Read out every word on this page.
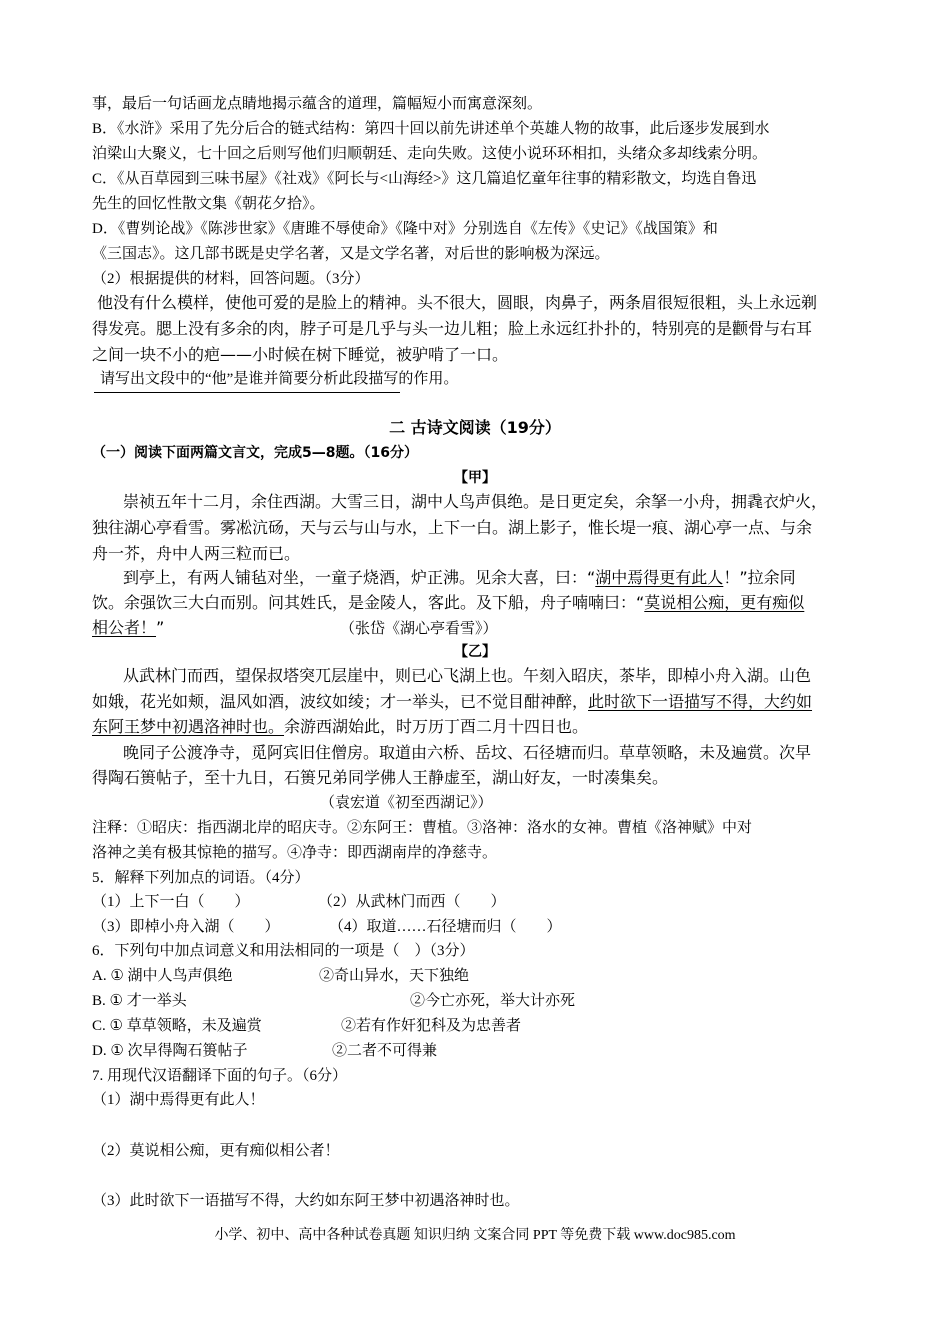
事，最后一句话画龙点睛地揭示蕴含的道理，篇幅短小而寓意深刻。
B．《水浒》采用了先分后合的链式结构：第四十回以前先讲述单个英雄人物的故事，此后逐步发展到水
泊梁山大聚义，七十回之后则写他们归顺朝廷、走向失败。这使小说环环相扣，头绪众多却线索分明。
C．《从百草园到三味书屋》《社戏》《阿长与<山海经>》这几篇追忆童年往事的精彩散文，均选自鲁迅
先生的回忆性散文集《朝花夕拾》。
D．《曹刿论战》《陈涉世家》《唐雎不辱使命》《隆中对》分别选自《左传》《史记》《战国策》和
《三国志》。这几部书既是史学名著，又是文学名著，对后世的影响极为深远。
（2）根据提供的材料，回答问题。（3分）
他没有什么模样，使他可爱的是脸上的精神。头不很大，圆眼，肉鼻子，两条眉很短很粗，头上永远剃
得发亮。腮上没有多余的肉，脖子可是几乎与头一边儿粗；脸上永远红扑扑的，特别亮的是颧骨与右耳
之间一块不小的疤——小时候在树下睡觉，被驴啃了一口。
请写出文段中的“他”是谁并简要分析此段描写的作用。
二 古诗文阅读（19分）
（一）阅读下面两篇文言文，完成5—8题。（16分）
【甲】
崇祯五年十二月，余住西湖。大雪三日，湖中人鸟声俱绝。是日更定矣，余拏一小舟，拥毳衣炉火，
独往湖心亭看雪。雾凇沆砀，天与云与山与水，上下一白。湖上影子，惟长堤一痕、湖心亭一点、与余
舟一芥，舟中人两三粒而已。
到亭上，有两人铺毡对坐，一童子烧酒，炉正沸。见余大喜，曰：“湖中焉得更有此人！”拉余同
饮。余强饮三大白而别。问其姓氏，是金陵人，客此。及下船，舟子喃喃曰：“莫说相公痴，更有痴似
相公者！”	（张岱《湖心亭看雪》）
【乙】
从武林门而西，望保叔塔突兀层崖中，则已心飞湖上也。午刻入昭庆，茶毕，即棹小舟入湖。山色
如娥，花光如颊，温风如酒，波纹如绫；才一举头，已不觉目酣神醉，此时欲下一语描写不得，大约如
东阿王梦中初遇洛神时也。余游西湖始此，时万历丁酉二月十四日也。
晚同子公渡净寺，觅阿宾旧住僧房。取道由六桥、岳坟、石径塘而归。草草领略，未及遍赏。次早
得陶石篑帖子，至十九日，石篑兄弟同学佛人王静虚至，湖山好友，一时凑集矣。
（袁宏道《初至西湖记》）
注释：①昭庆：指西湖北岸的昭庆寺。②东阿王：曹植。③洛神：洛水的女神。曹植《洛神赋》中对
洛神之美有极其惊艳的描写。④净寺：即西湖南岸的净慈寺。
5．解释下列加点的词语。（4分）
（1）上下一白（　　）	（2）从武林门而西（　　）
（3）即棹小舟入湖（　　）	（4）取道……石径塘而归（　　）
6．下列句中加点词意义和用法相同的一项是（　）（3分）
A. ① 湖中人鸟声俱绝	②奇山异水，天下独绝
B. ① 才一举头	②今亡亦死，举大计亦死
C. ① 草草领略，未及遍赏	②若有作奸犯科及为忠善者
D. ① 次早得陶石篑帖子	②二者不可得兼
7. 用现代汉语翻译下面的句子。（6分）
（1）湖中焉得更有此人！
（2）莫说相公痴，更有痴似相公者！
（3）此时欲下一语描写不得，大约如东阿王梦中初遇洛神时也。
小学、初中、高中各种试卷真题 知识归纳 文案合同 PPT 等免费下载 www.doc985.com
